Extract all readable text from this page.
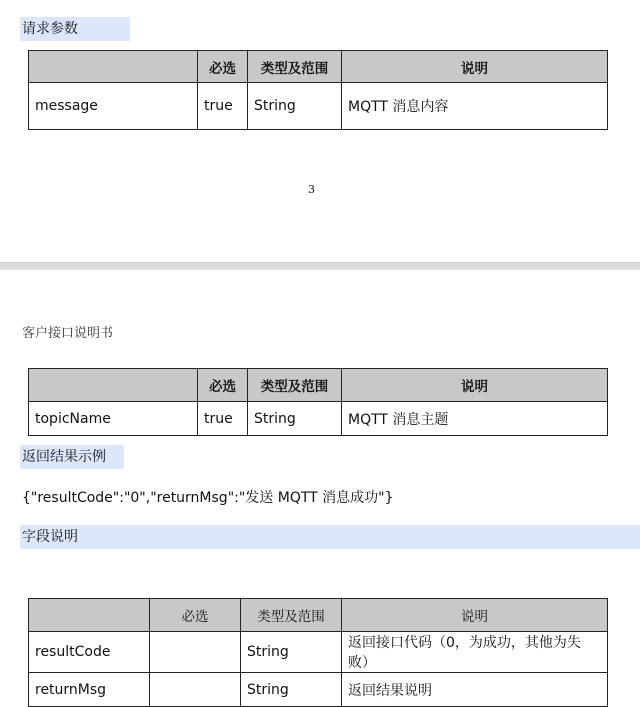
请求参数
	必选	类型及范围	说明
message	true	String	MQTT 消息内容
3
客户接口说明书
	必选	类型及范围	说明
topicName	true	String	MQTT 消息主题
返回结果示例
{"resultCode":"0","returnMsg":"发送 MQTT 消息成功"}
字段说明
	必选	类型及范围	说明
resultCode		String	返回接口代码（0，为成功，其他为失败）
returnMsg		String	返回结果说明
